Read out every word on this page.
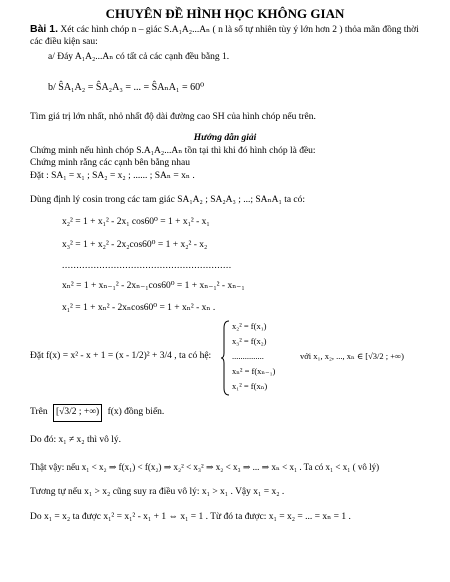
CHUYÊN ĐỀ HÌNH HỌC KHÔNG GIAN
Bài 1. Xét các hình chóp n – giác S.A₁A₂...Aₙ ( n là số tự nhiên tùy ý lớn hơn 2 ) thỏa mãn đồng thời
các điều kiện sau:
a/ Đáy A₁A₂...Aₙ có tất cả các cạnh đều bằng 1.
b/ ŜA₁A₂ = ŜA₂A₃ = ... = ŜAₙA₁ = 60⁰
Tìm giá trị lớn nhất, nhỏ nhất độ dài đường cao SH của hình chóp nếu trên.
Hướng dẫn giải
Chứng minh nếu hình chóp S.A₁A₂...Aₙ tồn tại thì khi đó hình chóp là đều:
Chứng minh rằng các cạnh bên bằng nhau
Đặt : SA₁ = x₁ ; SA₂ = x₂ ; ...... ; SAₙ = xₙ .
Dùng định lý cosin trong các tam giác SA₁A₂ ; SA₂A₃ ; ...; SAₙA₁ ta có:
x₂² = 1 + x₁² - 2x₁ cos60⁰ = 1 + x₁² - x₁
x₃² = 1 + x₂² - 2x₂cos60⁰ = 1 + x₂² - x₂
...........................................................
xₙ² = 1 + xₙ₋₁² - 2xₙ₋₁cos60⁰ = 1 + xₙ₋₁² - xₙ₋₁
x₁² = 1 + xₙ² - 2xₙcos60⁰ = 1 + xₙ² - xₙ .
Đặt f(x) = x² - x + 1 = (x - 1/2)² + 3/4 , ta có hệ:
x₂² = f(x₁)
x₃² = f(x₂)
...............
xₙ² = f(xₙ₋₁)
x₁² = f(xₙ)
với x₁, x₂, ..., xₙ ∈ [√3/2 ; +∞)
Trên [√3/2 ; +∞) f(x) đồng biến.
Do đó: x₁ ≠ x₂ thì vô lý.
Thật vậy: nếu x₁ < x₂ ⇒ f(x₁) < f(x₂) ⇒ x₂² < x₃² ⇒ x₂ < x₃ ⇒ ... ⇒ xₙ < x₁ . Ta có x₁ < x₁ ( vô lý)
Tương tự nếu x₁ > x₂ cũng suy ra điều vô lý: x₁ > x₁ . Vậy x₁ = x₂ .
Do x₁ = x₂ ta được x₁² = x₁² - x₁ + 1 ⇔ x₁ = 1 . Từ đó ta được: x₁ = x₂ = ... = xₙ = 1 .
